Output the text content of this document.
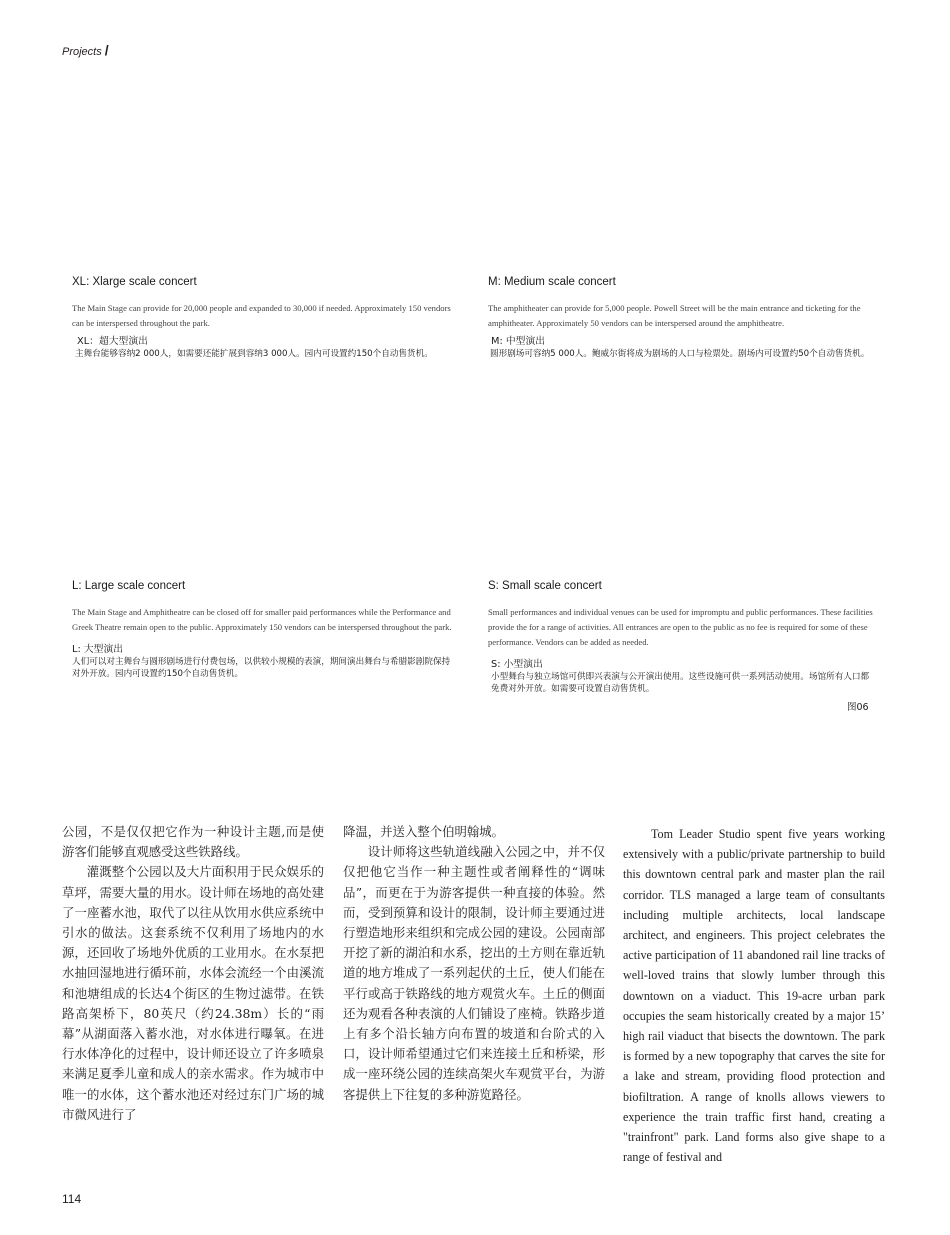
Projects /
XL: Xlarge scale concert

The Main Stage can provide for 20,000 people and expanded to 30,000 if needed. Approximately 150 vendors can be interspersed throughout the park.

XL：超大型演出

主舞台能够容纳2 000人，如需要还能扩展到容纳3 000人。园内可设置约150个自动售货机。

M: Medium scale concert

The amphitheater can provide for 5,000 people. Powell Street will be the main entrance and ticketing for the amphitheater. Approximately 50 vendors can be interspersed around the amphitheatre.

M: 中型演出

圆形剧场可容纳5 000人。鲍威尔街将成为剧场的人口与检票处。剧场内可设置约50个自动售货机。

L: Large scale concert

The Main Stage and Amphitheatre can be closed off for smaller paid performances while the Performance and Greek Theatre remain open to the public. Approximately 150 vendors can be interspersed throughout the park.

L: 大型演出

人们可以对主舞台与圆形剧场进行付费包场，以供较小规模的表演，期间演出舞台与希腊影剧院保持对外开放。园内可设置约150个自动售货机。

S: Small scale concert

Small performances and individual venues can be used for impromptu and public performances. These facilities provide the for a range of activities. All entrances are open to the public as no fee is required for some of these performance. Vendors can be added as needed.

S: 小型演出

小型舞台与独立场馆可供即兴表演与公开演出使用。这些设施可供一系列活动使用。场馆所有人口都免费对外开放。如需要可设置自动售货机。

图06

公园，不是仅仅把它作为一种设计主题,而是使游客们能够直观感受这些铁路线。

灌溉整个公园以及大片面积用于民众娱乐的草坪，需要大量的用水。设计师在场地的高处建了一座蓄水池，取代了以往从饮用水供应系统中引水的做法。这套系统不仅利用了场地内的水源，还回收了场地外优质的工业用水。在水泵把水抽回湿地进行循环前，水体会流经一个由溪流和池塘组成的长达4个街区的生物过滤带。在铁路高架桥下，80英尺（约24.38m）长的“雨幕”从湖面落入蓄水池，对水体进行曝氧。在进行水体净化的过程中，设计师还设立了许多喷泉来满足夏季儿童和成人的亲水需求。作为城市中唯一的水体，这个蓄水池还对经过东门广场的城市微风进行了

降温，并送入整个伯明翰城。

设计师将这些轨道线融入公园之中，并不仅仅把他它当作一种主题性或者阐释性的“调味品”，而更在于为游客提供一种直接的体验。然而，受到预算和设计的限制，设计师主要通过进行塑造地形来组织和完成公园的建设。公园南部开挖了新的湖泊和水系，挖出的土方则在靠近轨道的地方堆成了一系列起伏的土丘，使人们能在平行或高于铁路线的地方观赏火车。土丘的侧面还为观看各种表演的人们铺设了座椅。铁路步道上有多个沿长轴方向布置的坡道和台阶式的入口，设计师希望通过它们来连接土丘和桥梁，形成一座环绕公园的连续高架火车观赏平台，为游客提供上下往复的多种游览路径。

Tom Leader Studio spent five years working extensively with a public/private partnership to build this downtown central park and master plan the rail corridor. TLS managed a large team of consultants including multiple architects, local landscape architect, and engineers. This project celebrates the active participation of 11 abandoned rail line tracks of well-loved trains that slowly lumber through this downtown on a viaduct. This 19-acre urban park occupies the seam historically created by a major 15’ high rail viaduct that bisects the downtown. The park is formed by a new topography that carves the site for a lake and stream, providing flood protection and biofiltration. A range of knolls allows viewers to experience the train traffic first hand, creating a "trainfront" park. Land forms also give shape to a range of festival and

114
